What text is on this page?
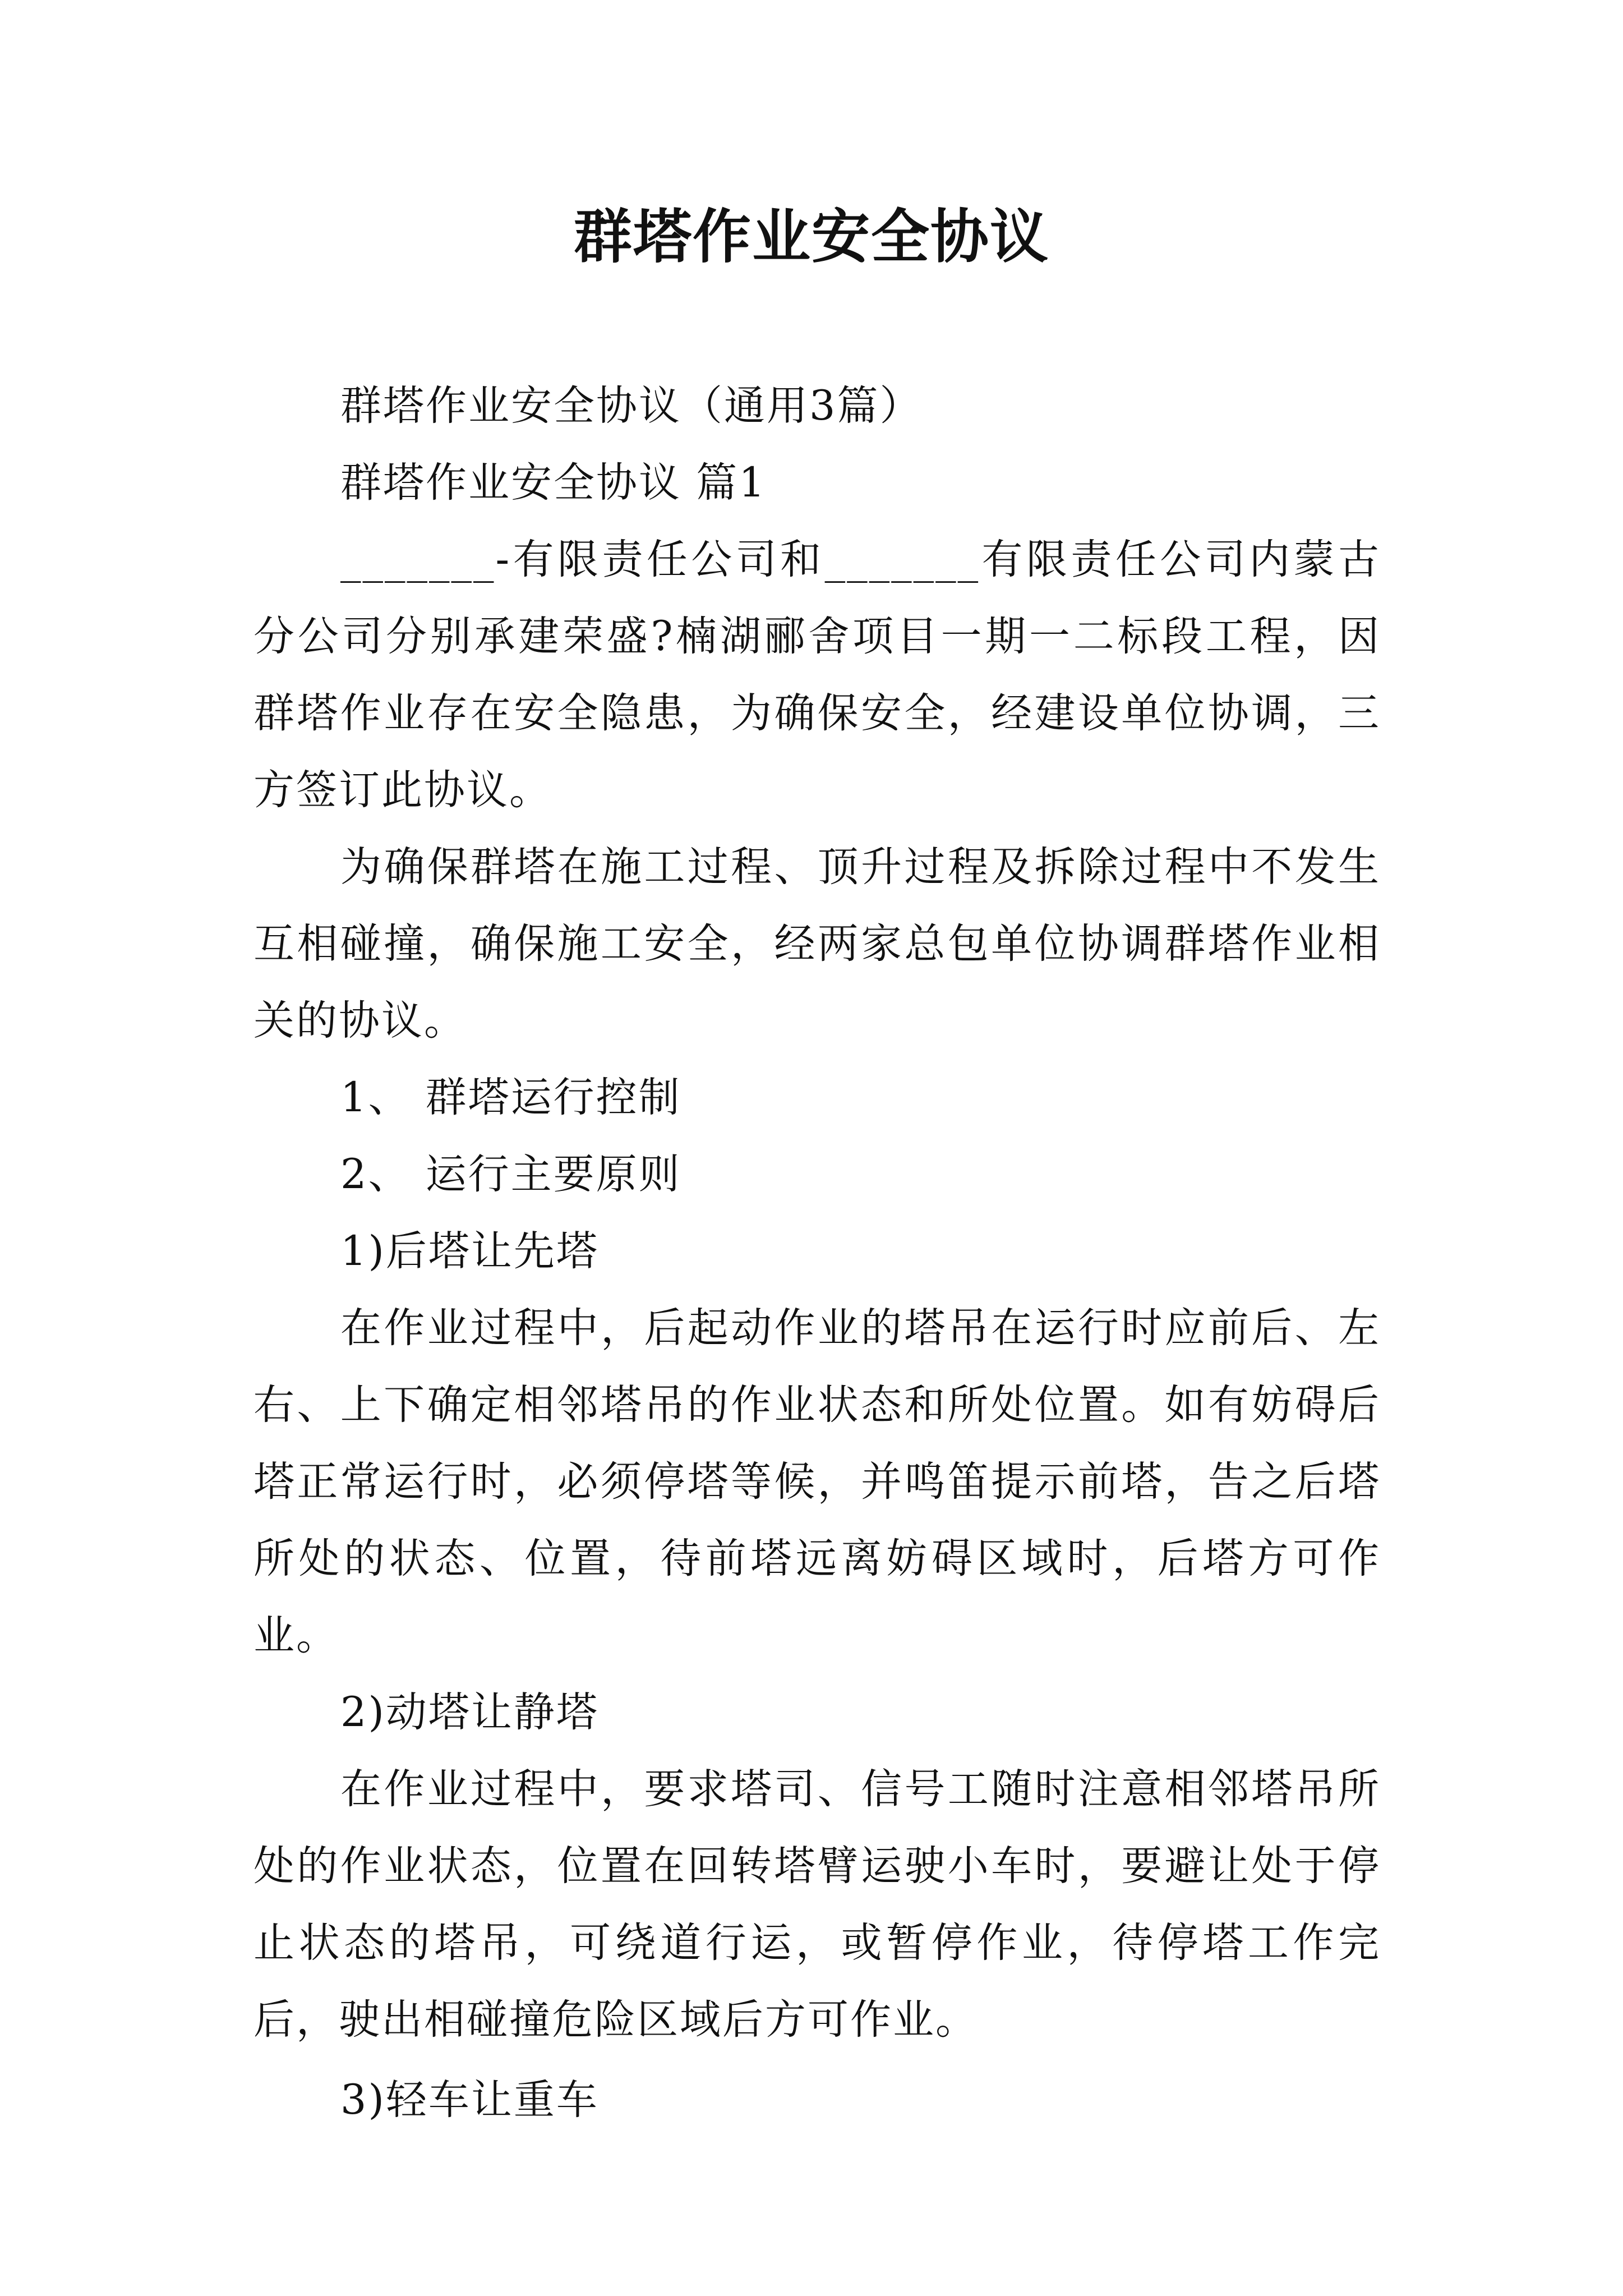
群塔作业安全协议

群塔作业安全协议（通用3篇）

群塔作业安全协议 篇1

_______-有限责任公司和_______有限责任公司内蒙古分公司分别承建荣盛?楠湖郦舍项目一期一二标段工程，因群塔作业存在安全隐患，为确保安全，经建设单位协调，三方签订此协议。

为确保群塔在施工过程、顶升过程及拆除过程中不发生互相碰撞，确保施工安全，经两家总包单位协调群塔作业相关的协议。

1、 群塔运行控制

2、 运行主要原则

1)后塔让先塔

在作业过程中，后起动作业的塔吊在运行时应前后、左右、上下确定相邻塔吊的作业状态和所处位置。如有妨碍后塔正常运行时，必须停塔等候，并鸣笛提示前塔，告之后塔所处的状态、位置，待前塔远离妨碍区域时，后塔方可作业。

2)动塔让静塔

在作业过程中，要求塔司、信号工随时注意相邻塔吊所处的作业状态，位置在回转塔臂运驶小车时，要避让处于停止状态的塔吊，可绕道行运，或暂停作业，待停塔工作完后，驶出相碰撞危险区域后方可作业。

3)轻车让重车
